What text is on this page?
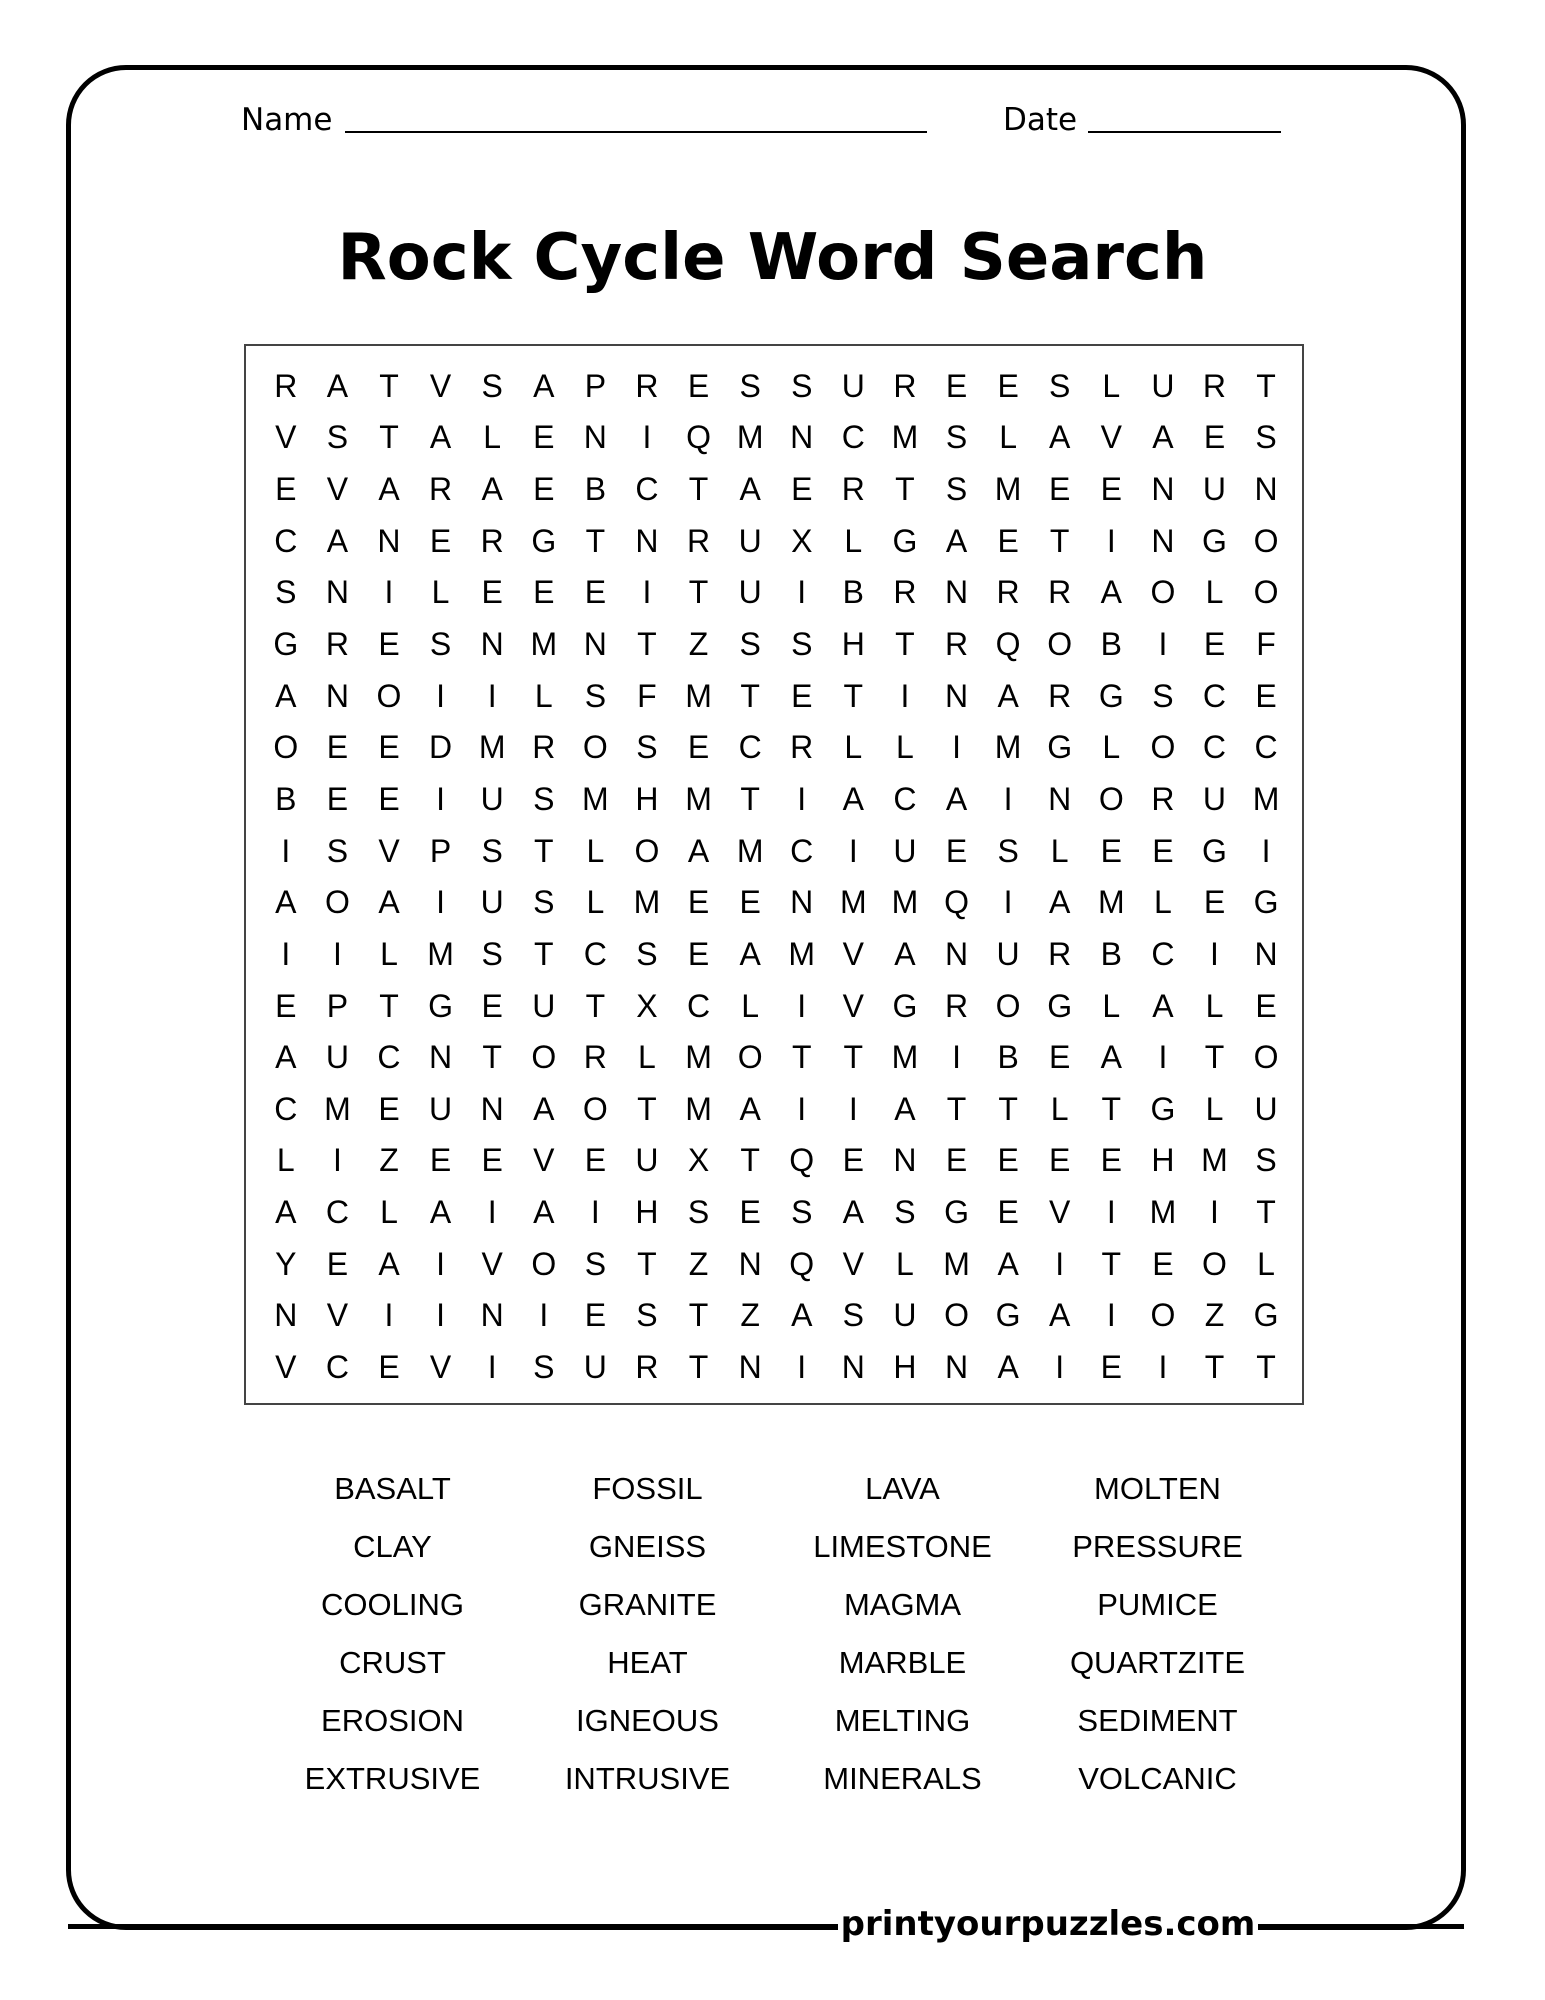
Name	Date
Rock Cycle Word Search
R A T V S A P R E S S U R E E S	L U R T
V S T A	L	E N	I	Q M N C M S	L	A V A E S
E V A R A E B C T A E R T S M E E N U N
C A N E R G T N R U X	L G A E T	I	N G O
S N	I	L	E E E	I	T U	I	B R N R R A O L O
G R E S N M N T	Z S S H T R Q O B	I	E F
A N O	I	I	L	S F M T E T	I	N A R G S C E
O E E D M R O S E C R L	L	I	M G L O C C
B E E	I	U S M H M T	I	A C A	I	N O R U M
I	S V P S T	L O A M C	I	U E S	L	E E G	I
A O A	I	U S	L M E E N M M Q	I	A M L	E G
I	I	L M S T C S E A M V A N U R B C	I	N
E P T G E U T X C L	I	V G R O G L	A	L	E
A U C N T O R L M O T	T M	I	B E A	I	T O
C M E U N A O T M A	I	I	A T	T	L	T G L U
L	I	Z E E V E U X T Q E N E E E E H M S
A C L	A	I	A	I	H S E S A S G E V	I	M	I	T
Y E A	I	V O S T	Z N Q V	L M A	I	T E O L
N V	I	I	N	I	E S T	Z A S U O G A	I	O Z G
V C E V	I	S U R T N	I	N H N A	I	E	I	T	T
BASALT	FOSSIL	LAVA	MOLTEN
CLAY	GNEISS	LIMESTONE	PRESSURE
COOLING	GRANITE	MAGMA	PUMICE
CRUST	HEAT	MARBLE	QUARTZITE
EROSION	IGNEOUS	MELTING	SEDIMENT
EXTRUSIVE	INTRUSIVE	MINERALS	VOLCANIC
printyourpuzzles.com
